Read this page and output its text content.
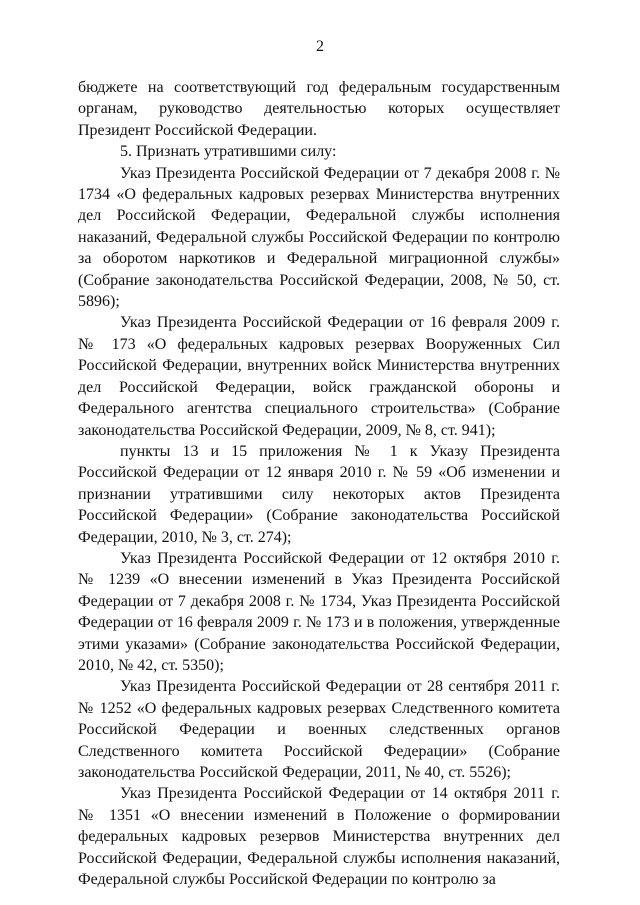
2

бюджете на соответствующий год федеральным государственным органам, руководство деятельностью которых осуществляет Президент Российской Федерации.

5. Признать утратившими силу:

Указ Президента Российской Федерации от 7 декабря 2008 г. № 1734 «О федеральных кадровых резервах Министерства внутренних дел Российской Федерации, Федеральной службы исполнения наказаний, Федеральной службы Российской Федерации по контролю за оборотом наркотиков и Федеральной миграционной службы» (Собрание законодательства Российской Федерации, 2008, № 50, ст. 5896);

Указ Президента Российской Федерации от 16 февраля 2009 г. № 173 «О федеральных кадровых резервах Вооруженных Сил Российской Федерации, внутренних войск Министерства внутренних дел Российской Федерации, войск гражданской обороны и Федерального агентства специального строительства» (Собрание законодательства Российской Федерации, 2009, № 8, ст. 941);

пункты 13 и 15 приложения № 1 к Указу Президента Российской Федерации от 12 января 2010 г. № 59 «Об изменении и признании утратившими силу некоторых актов Президента Российской Федерации» (Собрание законодательства Российской Федерации, 2010, № 3, ст. 274);

Указ Президента Российской Федерации от 12 октября 2010 г. № 1239 «О внесении изменений в Указ Президента Российской Федерации от 7 декабря 2008 г. № 1734, Указ Президента Российской Федерации от 16 февраля 2009 г. № 173 и в положения, утвержденные этими указами» (Собрание законодательства Российской Федерации, 2010, № 42, ст. 5350);

Указ Президента Российской Федерации от 28 сентября 2011 г. № 1252 «О федеральных кадровых резервах Следственного комитета Российской Федерации и военных следственных органов Следственного комитета Российской Федерации» (Собрание законодательства Российской Федерации, 2011, № 40, ст. 5526);

Указ Президента Российской Федерации от 14 октября 2011 г. № 1351 «О внесении изменений в Положение о формировании федеральных кадровых резервов Министерства внутренних дел Российской Федерации, Федеральной службы исполнения наказаний, Федеральной службы Российской Федерации по контролю за
